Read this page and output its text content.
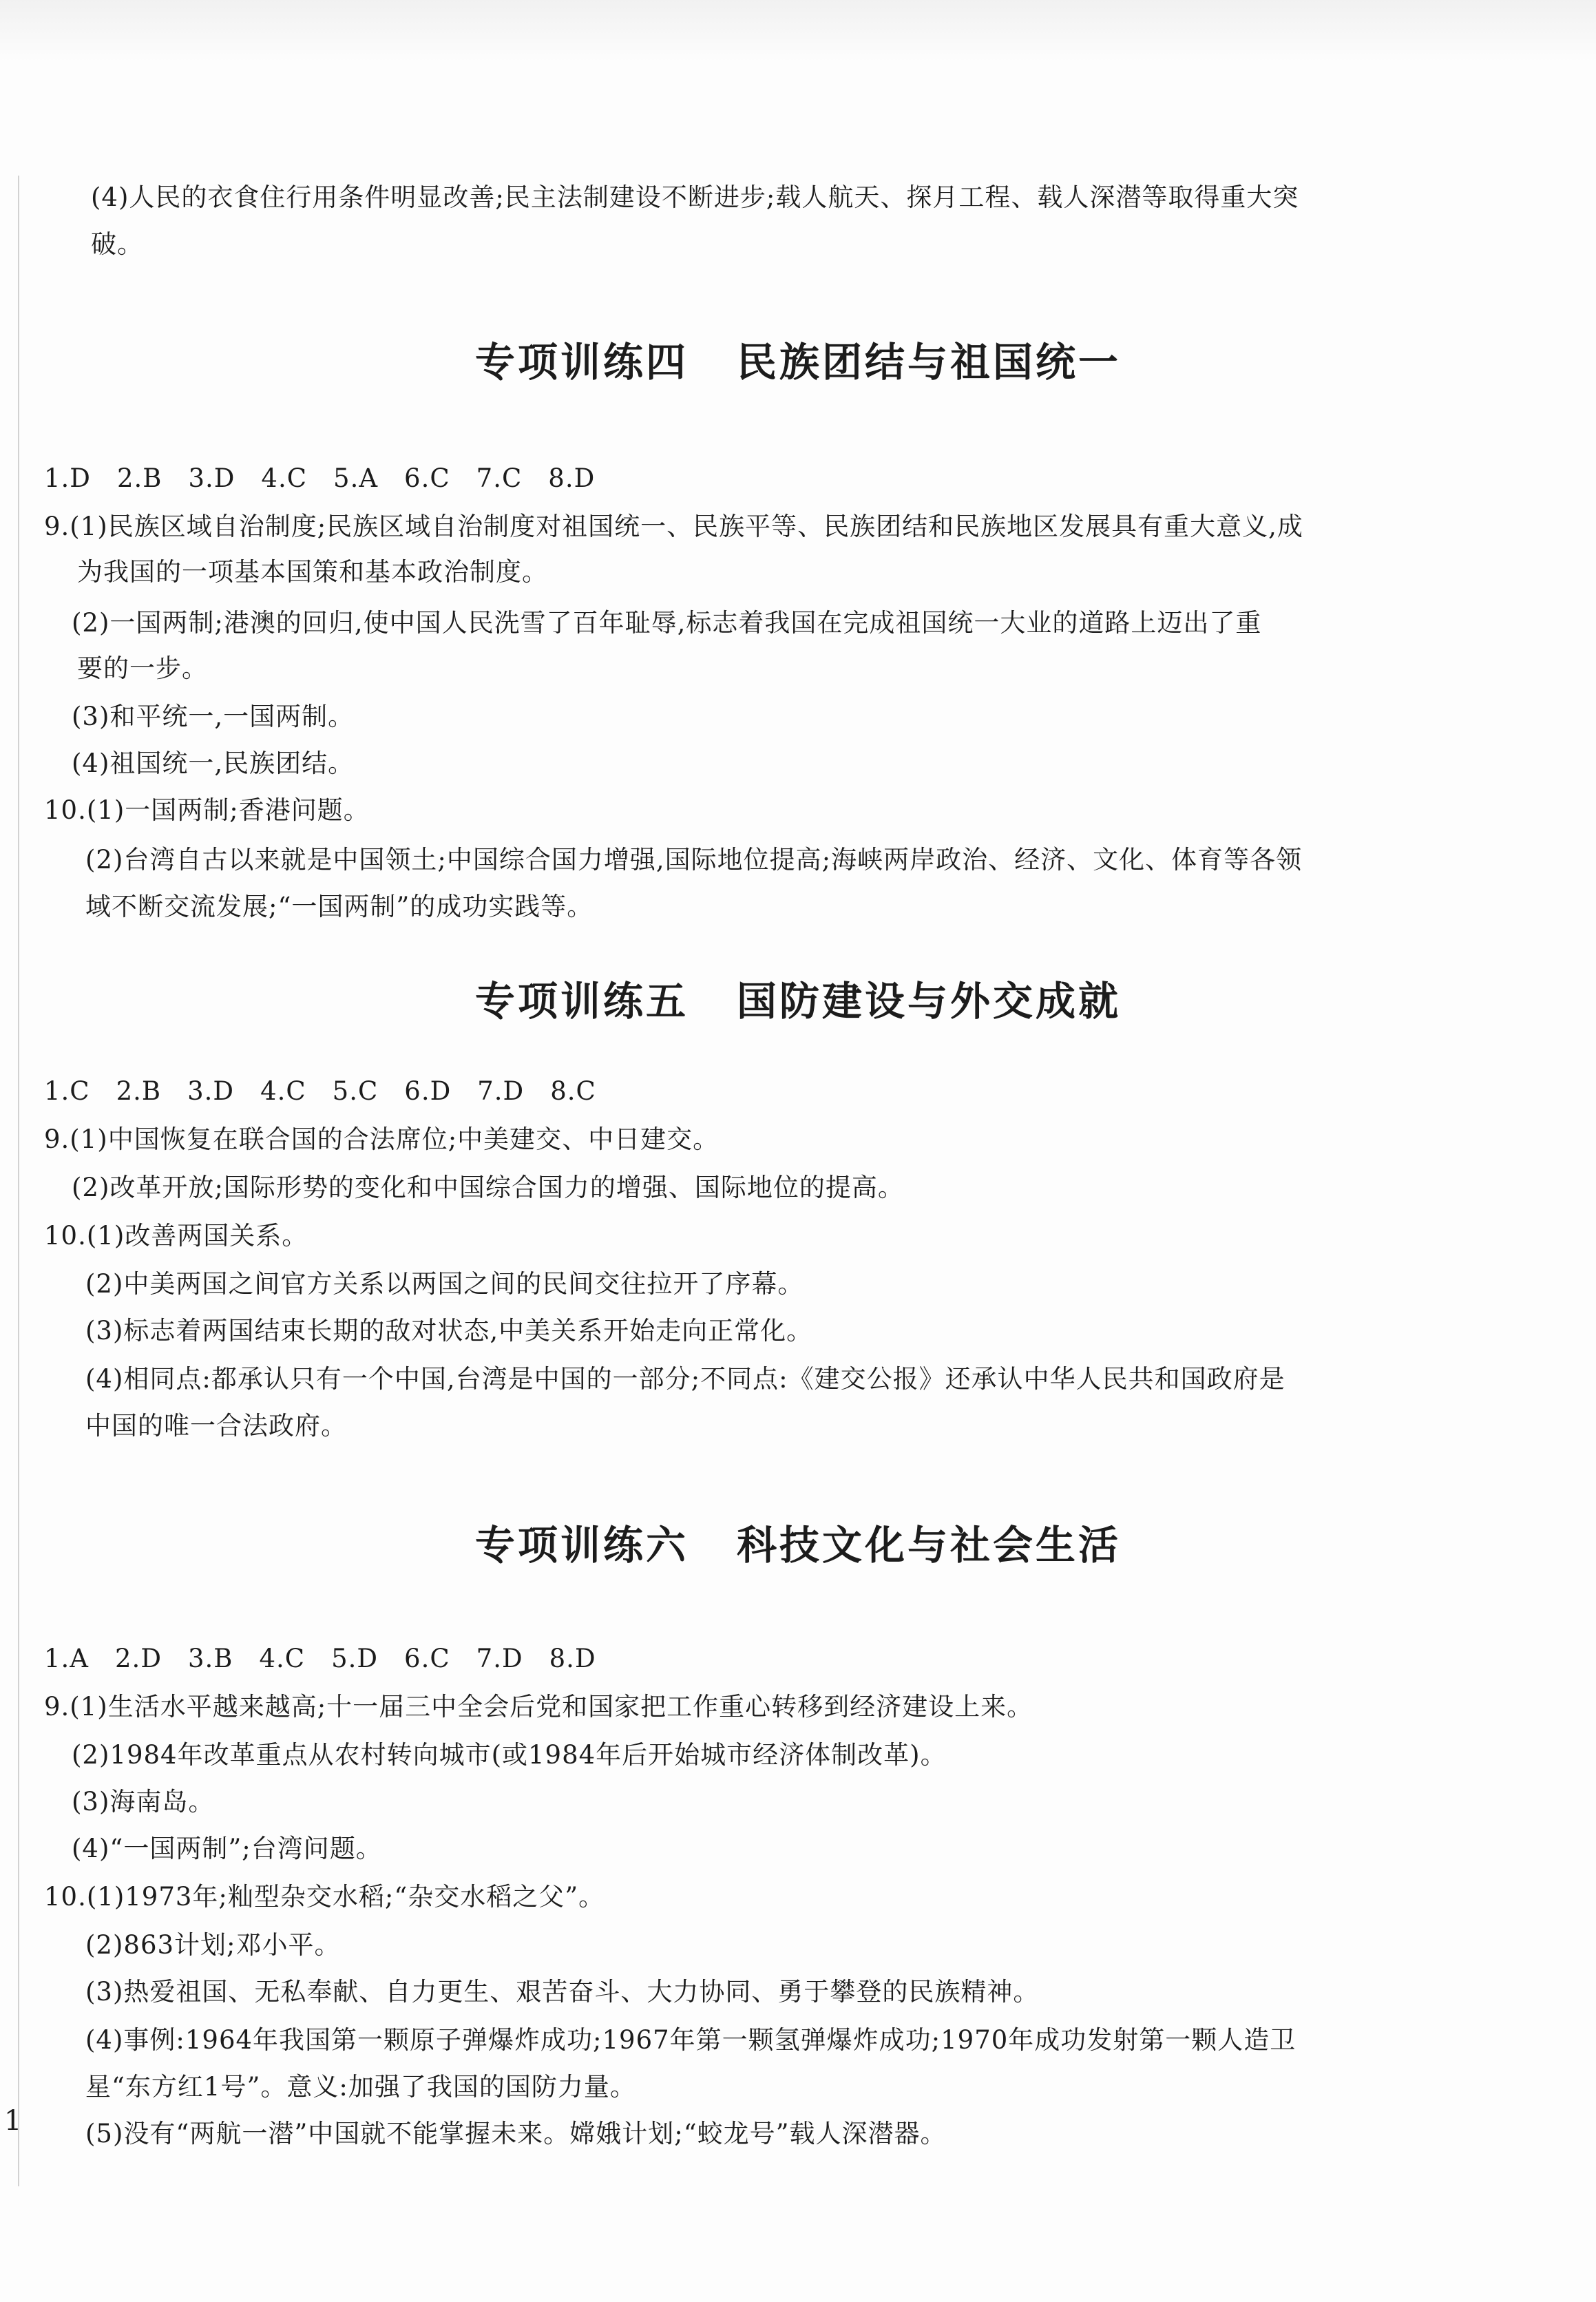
(4)人民的衣食住行用条件明显改善;民主法制建设不断进步;载人航天、探月工程、载人深潜等取得重大突
破。
专项训练四 民族团结与祖国统一
1.D　2.B　3.D　4.C　5.A　6.C　7.C　8.D
9.(1)民族区域自治制度;民族区域自治制度对祖国统一、民族平等、民族团结和民族地区发展具有重大意义,成
为我国的一项基本国策和基本政治制度。
(2)一国两制;港澳的回归,使中国人民洗雪了百年耻辱,标志着我国在完成祖国统一大业的道路上迈出了重
要的一步。
(3)和平统一,一国两制。
(4)祖国统一,民族团结。
10.(1)一国两制;香港问题。
(2)台湾自古以来就是中国领土;中国综合国力增强,国际地位提高;海峡两岸政治、经济、文化、体育等各领
域不断交流发展;“一国两制”的成功实践等。
专项训练五 国防建设与外交成就
1.C　2.B　3.D　4.C　5.C　6.D　7.D　8.C
9.(1)中国恢复在联合国的合法席位;中美建交、中日建交。
(2)改革开放;国际形势的变化和中国综合国力的增强、国际地位的提高。
10.(1)改善两国关系。
(2)中美两国之间官方关系以两国之间的民间交往拉开了序幕。
(3)标志着两国结束长期的敌对状态,中美关系开始走向正常化。
(4)相同点:都承认只有一个中国,台湾是中国的一部分;不同点:《建交公报》还承认中华人民共和国政府是
中国的唯一合法政府。
专项训练六 科技文化与社会生活
1.A　2.D　3.B　4.C　5.D　6.C　7.D　8.D
9.(1)生活水平越来越高;十一届三中全会后党和国家把工作重心转移到经济建设上来。
(2)1984年改革重点从农村转向城市(或1984年后开始城市经济体制改革)。
(3)海南岛。
(4)“一国两制”;台湾问题。
10.(1)1973年;籼型杂交水稻;“杂交水稻之父”。
(2)863计划;邓小平。
(3)热爱祖国、无私奉献、自力更生、艰苦奋斗、大力协同、勇于攀登的民族精神。
(4)事例:1964年我国第一颗原子弹爆炸成功;1967年第一颗氢弹爆炸成功;1970年成功发射第一颗人造卫
星“东方红1号”。意义:加强了我国的国防力量。
(5)没有“两航一潜”中国就不能掌握未来。嫦娥计划;“蛟龙号”载人深潜器。
1
